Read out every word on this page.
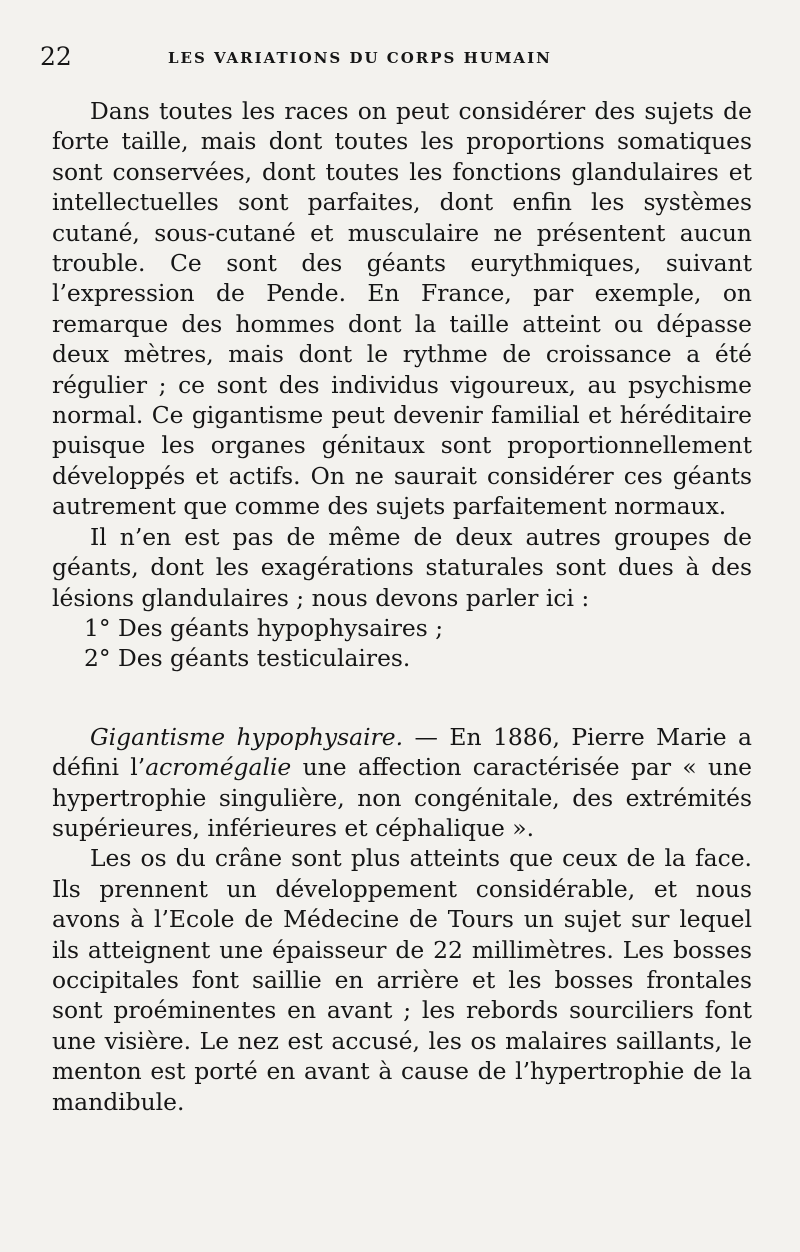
22	LES VARIATIONS DU CORPS HUMAIN

Dans toutes les races on peut considérer des sujets de forte taille, mais dont toutes les proportions somatiques sont conservées, dont toutes les fonctions glandulaires et intellectuelles sont parfaites, dont enfin les systèmes cutané, sous-cutané et musculaire ne présentent aucun trouble. Ce sont des géants eurythmiques, suivant l’expression de Pende. En France, par exemple, on remarque des hommes dont la taille atteint ou dépasse deux mètres, mais dont le rythme de croissance a été régulier ; ce sont des individus vigoureux, au psychisme normal. Ce gigantisme peut devenir familial et héréditaire puisque les organes génitaux sont proportionnellement développés et actifs. On ne saurait considérer ces géants autrement que comme des sujets parfaitement normaux.

Il n’en est pas de même de deux autres groupes de géants, dont les exagérations staturales sont dues à des lésions glandulaires ; nous devons parler ici :

1° Des géants hypophysaires ;

2° Des géants testiculaires.

Gigantisme hypophysaire. — En 1886, Pierre Marie a défini l’acromégalie une affection caractérisée par « une hypertrophie singulière, non congénitale, des extrémités supérieures, inférieures et céphalique ».

Les os du crâne sont plus atteints que ceux de la face. Ils prennent un développement considérable, et nous avons à l’Ecole de Médecine de Tours un sujet sur lequel ils atteignent une épaisseur de 22 millimètres. Les bosses occipitales font saillie en arrière et les bosses frontales sont proéminentes en avant ; les rebords sourciliers font une visière. Le nez est accusé, les os malaires saillants, le menton est porté en avant à cause de l’hypertrophie de la mandibule.
